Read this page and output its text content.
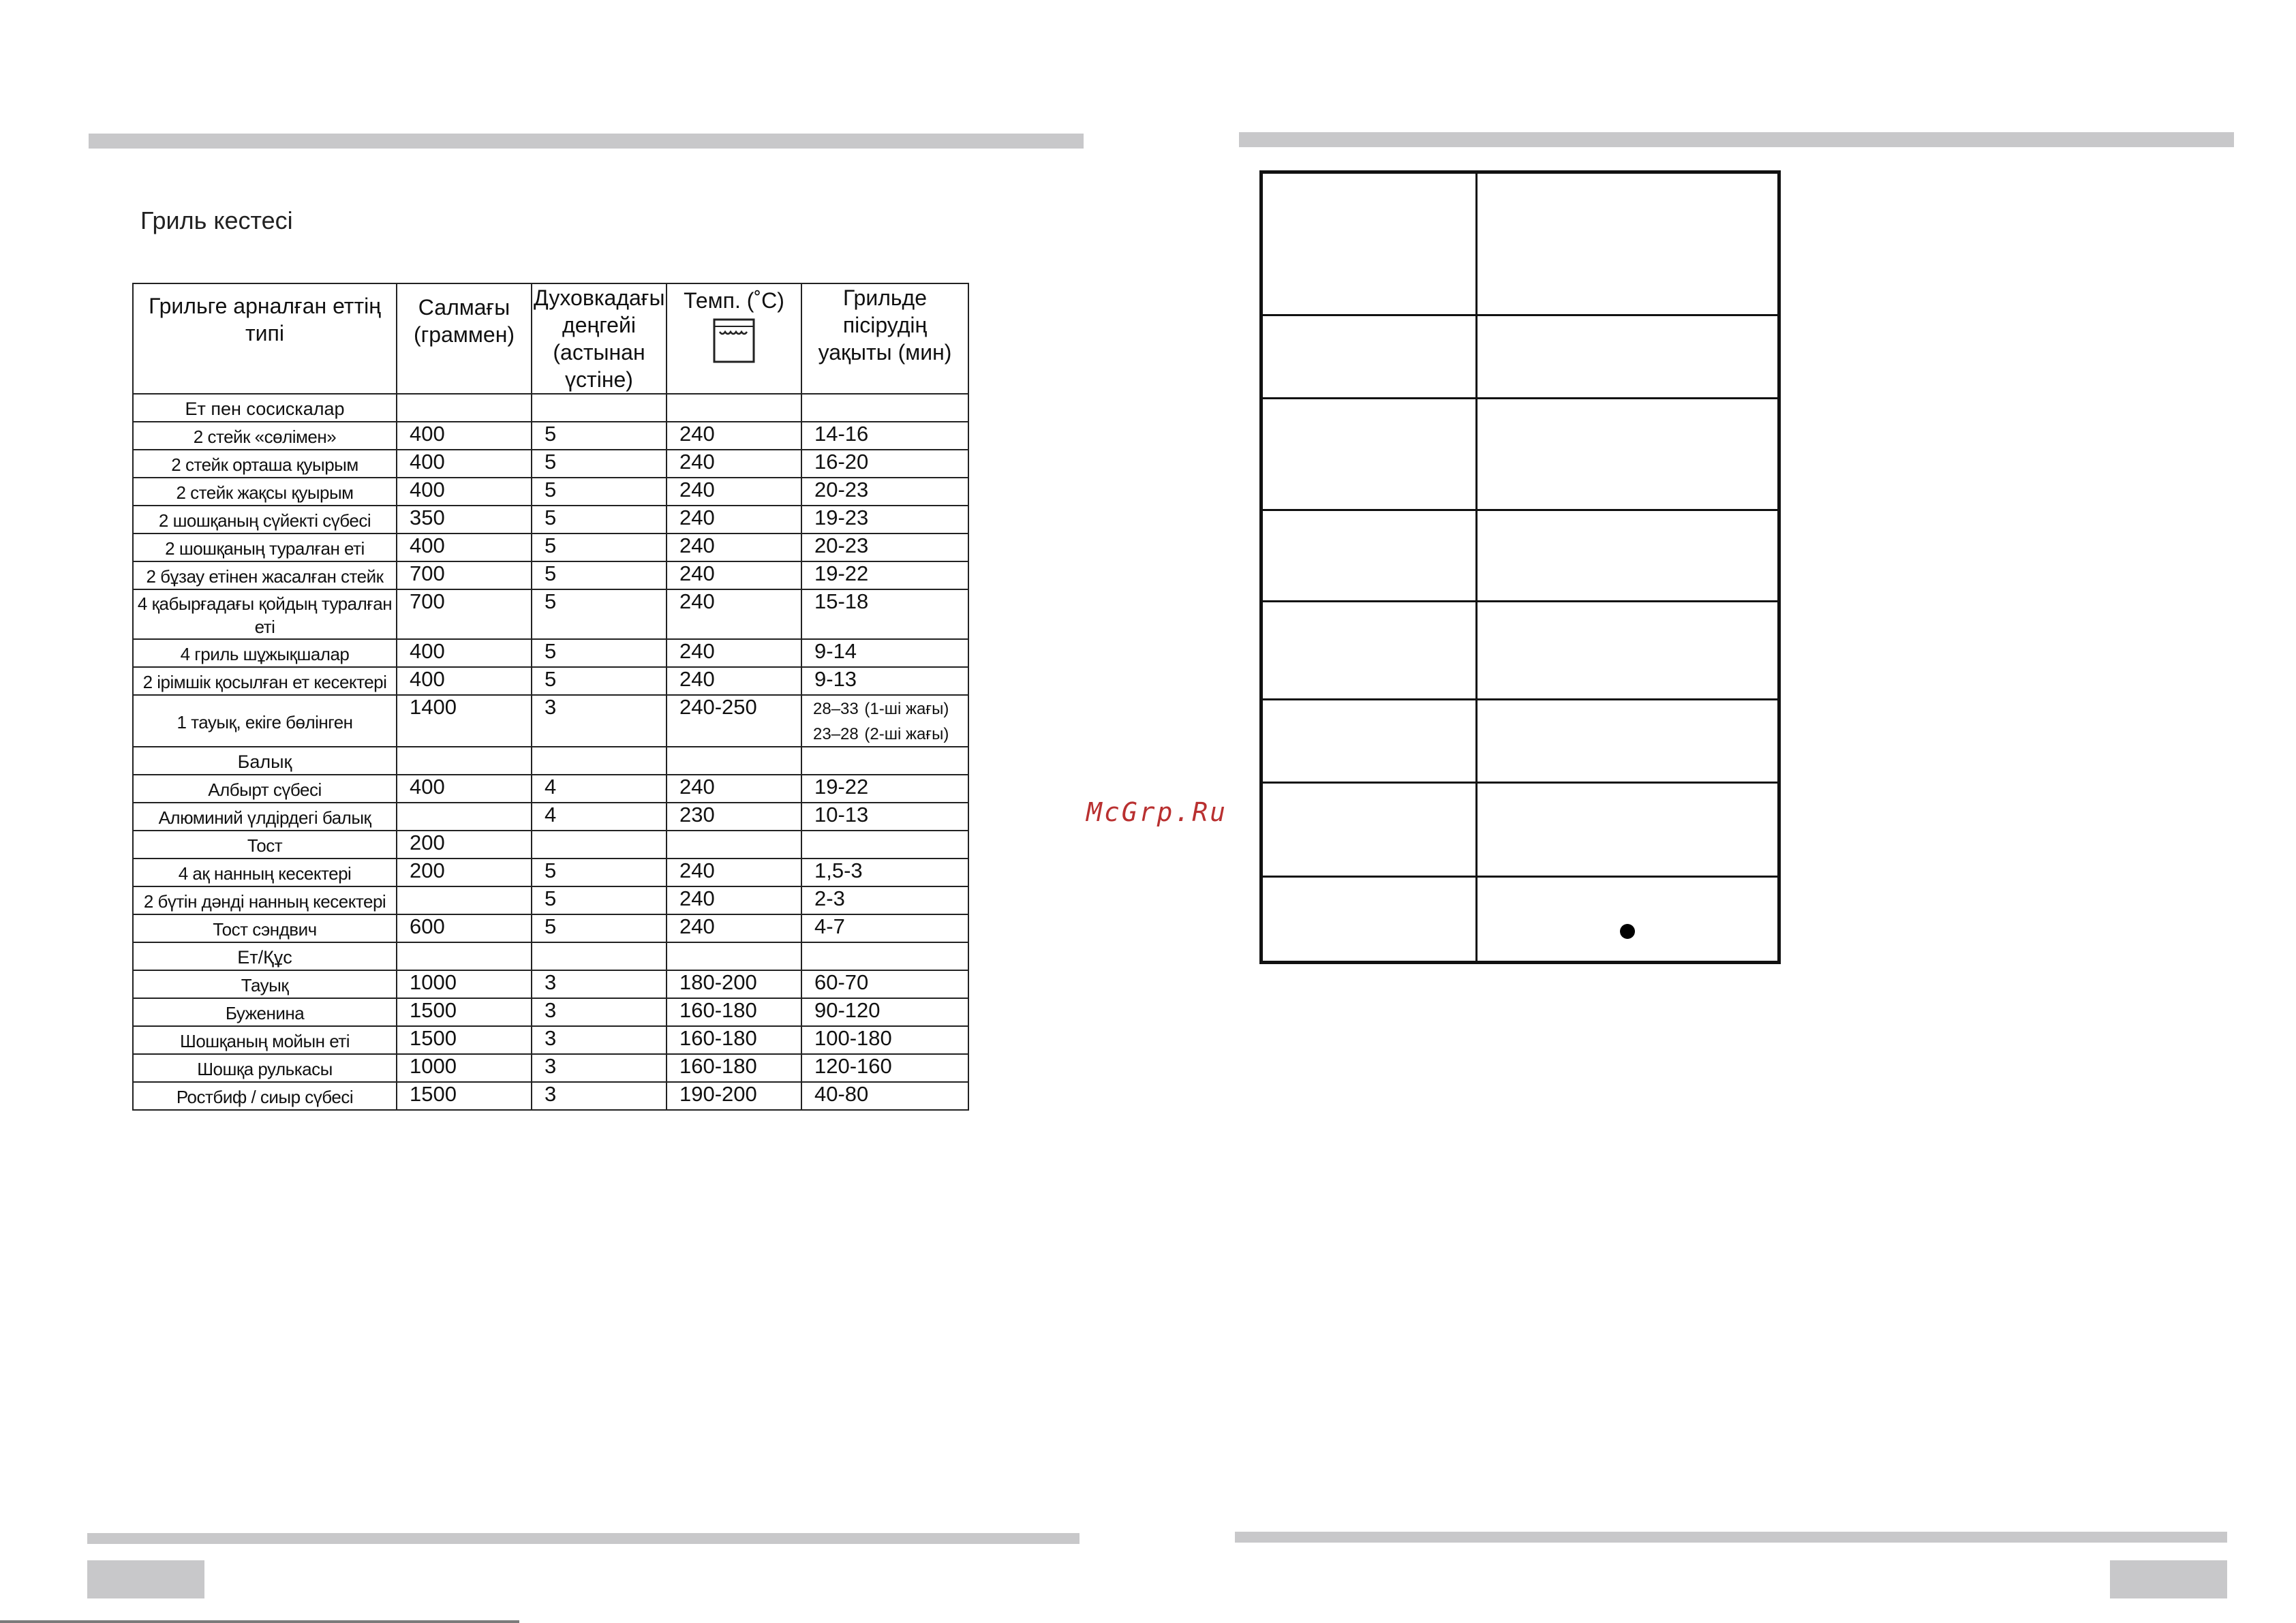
Гриль кестесі
Грильге арналған еттің типі	Салмағы (граммен)	Духовкадағы деңгейі (астынан үстіне)	Темп. (˚C)	Грильде пісірудің уақыты (мин)
Ет пен сосискалар				
2 стейк «сөлімен»	400	5	240	14-16
2 стейк орташа қуырым	400	5	240	16-20
2 стейк жақсы қуырым	400	5	240	20-23
2 шошқаның сүйекті сүбесі	350	5	240	19-23
2 шошқаның туралған еті	400	5	240	20-23
2 бұзау етінен жасалған стейк	700	5	240	19-22
4 қабырғадағы қойдың туралған еті	700	5	240	15-18
4 гриль шұжықшалар	400	5	240	9-14
2 ірімшік қосылған ет кесектері	400	5	240	9-13
1 тауық, екіге бөлінген	1400	3	240-250	28–33 (1-ші жағы)
23–28 (2-ші жағы)

Балық				
Албырт сүбесі	400	4	240	19-22
Алюминий үлдірдегі балық		4	230	10-13
Тост	200			
4 ақ нанның кесектері	200	5	240	1,5-3
2 бүтін дәнді нанның кесектері		5	240	2-3
Тост сэндвич	600	5	240	4-7
Ет/Құс				
Тауық	1000	3	180-200	60-70
Буженина	1500	3	160-180	90-120
Шошқаның мойын еті	1500	3	160-180	100-180
Шошқа рулькасы	1000	3	160-180	120-160
Ростбиф / сиыр сүбесі	1500	3	190-200	40-80
McGrp.Ru
